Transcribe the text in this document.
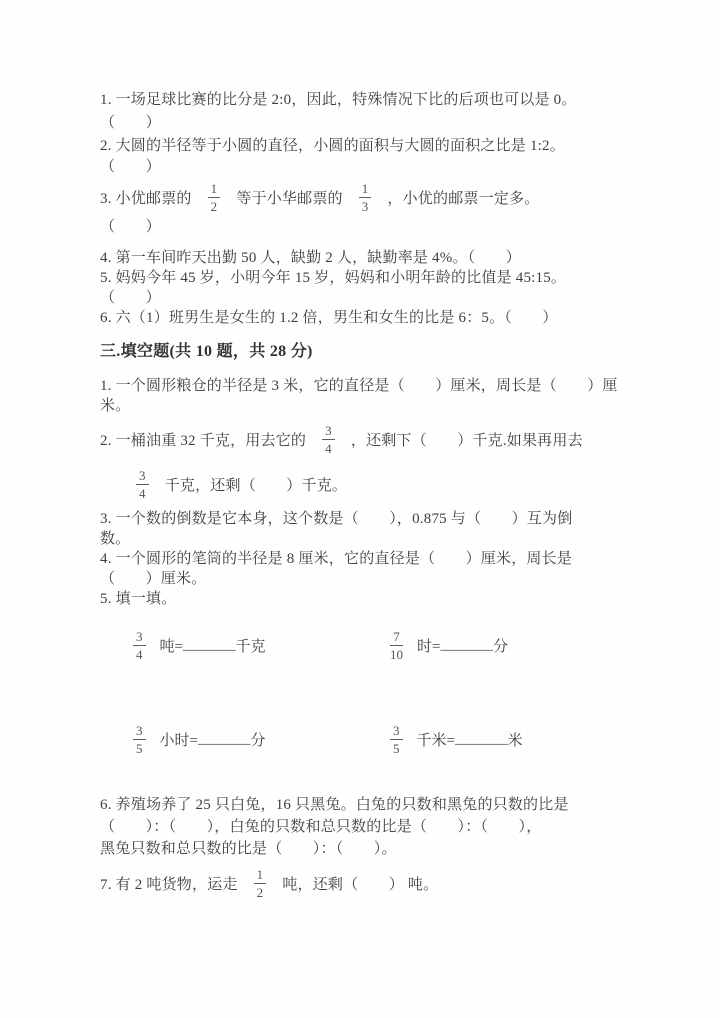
1. 一场足球比赛的比分是 2:0，因此，特殊情况下比的后项也可以是 0。
（　　）
2. 大圆的半径等于小圆的直径，小圆的面积与大圆的面积之比是 1:2。
（　　）
3. 小优邮票的 $\frac{1}{2}$ 等于小华邮票的 $\frac{1}{3}$ ，小优的邮票一定多。
（　　）
4. 第一车间昨天出勤 50 人，缺勤 2 人，缺勤率是 4%。（　　）
5. 妈妈今年 45 岁，小明今年 15 岁，妈妈和小明年龄的比值是 45:15。
（　　）
6. 六（1）班男生是女生的 1.2 倍，男生和女生的比是 6：5。（　　）
三.填空题(共 10 题，共 28 分)
1. 一个圆形粮仓的半径是 3 米，它的直径是（　　）厘米，周长是（　　）厘
米。
2. 一桶油重 32 千克，用去它的 $\frac{3}{4}$ ，还剩下（　　）千克.如果再用去
$\frac{3}{4}$ 千克，还剩（　　）千克。
3. 一个数的倒数是它本身，这个数是（　　），0.875 与（　　）互为倒
数。
4. 一个圆形的笔筒的半径是 8 厘米，它的直径是（　　）厘米，周长是
（　　）厘米。
5. 填一填。
$\frac{3}{4}$ 吨= _______ 千克	$\frac{7}{10}$ 时= _______ 分
$\frac{3}{5}$ 小时= _______ 分	$\frac{3}{5}$ 千米= _______ 米
6. 养殖场养了 25 只白兔，16 只黑兔。白兔的只数和黑兔的只数的比是
（　　）：（　　），白兔的只数和总只数的比是（　　）：（　　），
黑兔只数和总只数的比是（　　）：（　　）。
7. 有 2 吨货物，运走 $\frac{1}{2}$ 吨，还剩（　　） 吨。
